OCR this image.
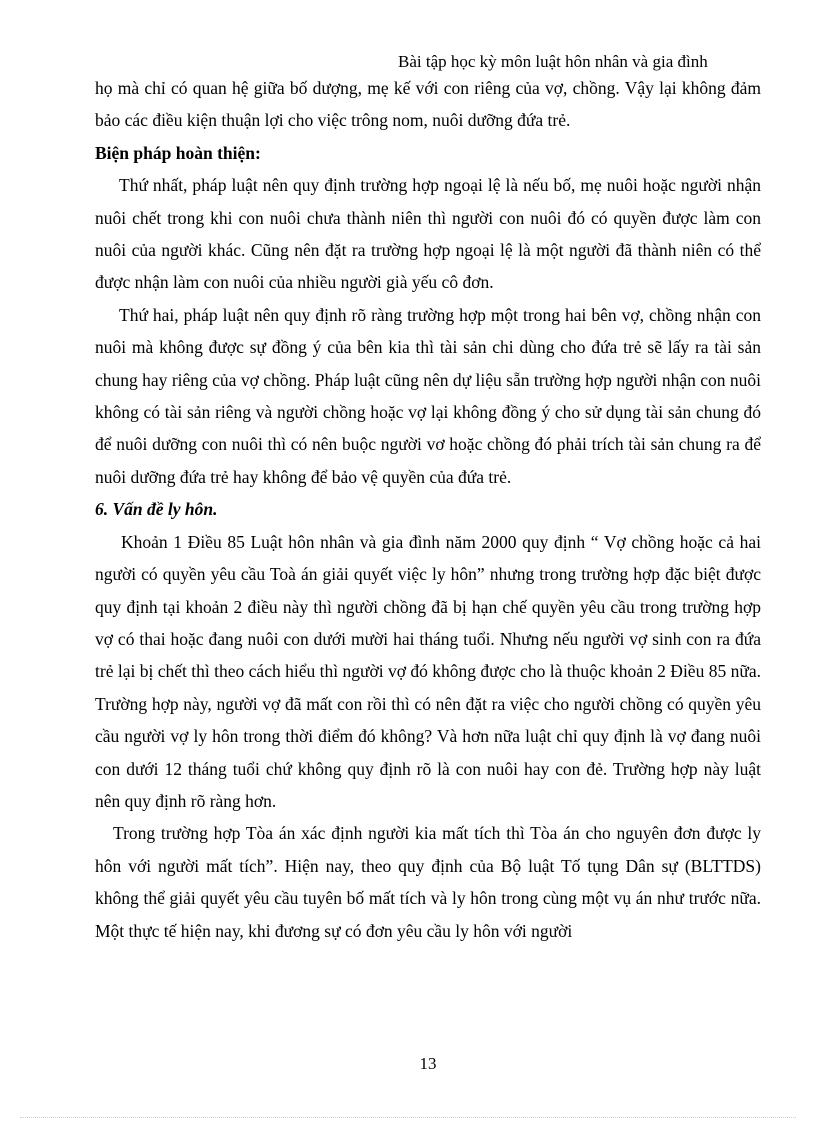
Bài tập học kỳ môn luật hôn nhân và gia đình

họ mà chỉ có quan hệ giữa bố dượng, mẹ kế với con riêng của vợ, chồng. Vậy lại không đảm bảo các điều kiện thuận lợi cho việc trông nom, nuôi dưỡng đứa trẻ.

Biện pháp hoàn thiện:

Thứ nhất, pháp luật nên quy định trường hợp ngoại lệ là nếu bố, mẹ nuôi hoặc người nhận nuôi chết trong khi con nuôi chưa thành niên thì người con nuôi đó có quyền được làm con nuôi của người khác. Cũng nên đặt ra trường hợp ngoại lệ là một người đã thành niên có thể được nhận làm con nuôi của nhiều người già yếu cô đơn.

Thứ hai, pháp luật nên quy định rõ ràng trường hợp một trong hai bên vợ, chồng nhận con nuôi mà không được sự đồng ý của bên kia thì tài sản chi dùng cho đứa trẻ sẽ lấy ra tài sản chung hay riêng của vợ chồng. Pháp luật cũng nên dự liệu sẵn trường hợp người nhận con nuôi không có tài sản riêng và người chồng hoặc vợ lại không đồng ý cho sử dụng tài sản chung đó để nuôi dưỡng con nuôi thì có nên buộc người vơ hoặc chồng đó phải trích tài sản chung ra để nuôi dưỡng đứa trẻ hay không để bảo vệ quyền của đứa trẻ.

6. Vấn đề ly hôn.

Khoản 1 Điều 85 Luật hôn nhân và gia đình năm 2000 quy định “ Vợ chồng hoặc cả hai người có quyền yêu cầu Toà án giải quyết việc ly hôn” nhưng trong trường hợp đặc biệt được quy định tại khoản 2 điều này thì người chồng đã bị hạn chế quyền yêu cầu trong trường hợp vợ có thai hoặc đang nuôi con dưới mười hai tháng tuổi. Nhưng nếu người vợ sinh con ra đứa trẻ lại bị chết thì theo cách hiểu thì người vợ đó không được cho là thuộc khoản 2 Điều 85 nữa. Trường hợp này, người vợ đã mất con rồi thì có nên đặt ra việc cho người chồng có quyền yêu cầu người vợ ly hôn trong thời điểm đó không? Và hơn nữa luật chỉ quy định là vợ đang nuôi con dưới 12 tháng tuổi chứ không quy định rõ là con nuôi hay con đẻ. Trường hợp này luật nên quy định rõ ràng hơn.

Trong trường hợp Tòa án xác định người kia mất tích thì Tòa án cho nguyên đơn được ly hôn với người mất tích”. Hiện nay, theo quy định của Bộ luật Tố tụng Dân sự (BLTTDS) không thể giải quyết yêu cầu tuyên bố mất tích và ly hôn trong cùng một vụ án như trước nữa. Một thực tế hiện nay, khi đương sự có đơn yêu cầu ly hôn với người

13
